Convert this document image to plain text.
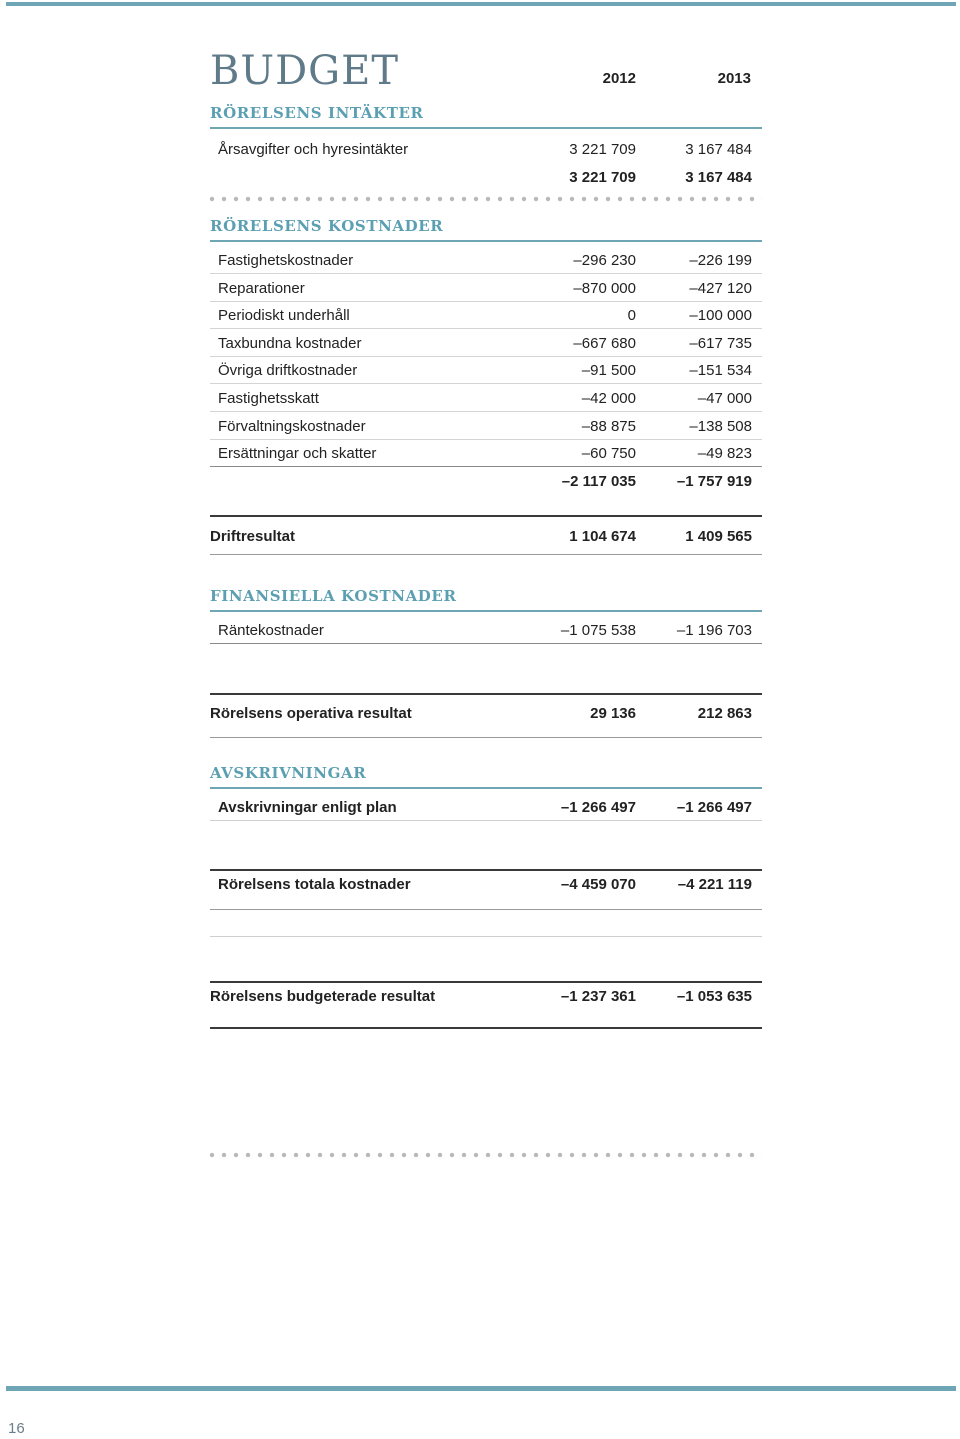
BUDGET	2012	2013
RÖRELSENS INTÄKTER
Årsavgifter och hyresintäkter	3 221 709	3 167 484
3 221 709	3 167 484
RÖRELSENS KOSTNADER
Fastighetskostnader	–296 230	–226 199
Reparationer	–870 000	–427 120
Periodiskt underhåll	0	–100 000
Taxbundna kostnader	–667 680	–617 735
Övriga driftkostnader	–91 500	–151 534
Fastighetsskatt	–42 000	–47 000
Förvaltningskostnader	–88 875	–138 508
Ersättningar och skatter	–60 750	–49 823
–2 117 035	–1 757 919
Driftresultat	1 104 674	1 409 565
FINANSIELLA KOSTNADER
Räntekostnader	–1 075 538	–1 196 703
Rörelsens operativa resultat	29 136	212 863
AVSKRIVNINGAR
Avskrivningar enligt plan	–1 266 497	–1 266 497
Rörelsens totala kostnader	–4 459 070	–4 221 119
Rörelsens budgeterade resultat	–1 237 361	–1 053 635
16
